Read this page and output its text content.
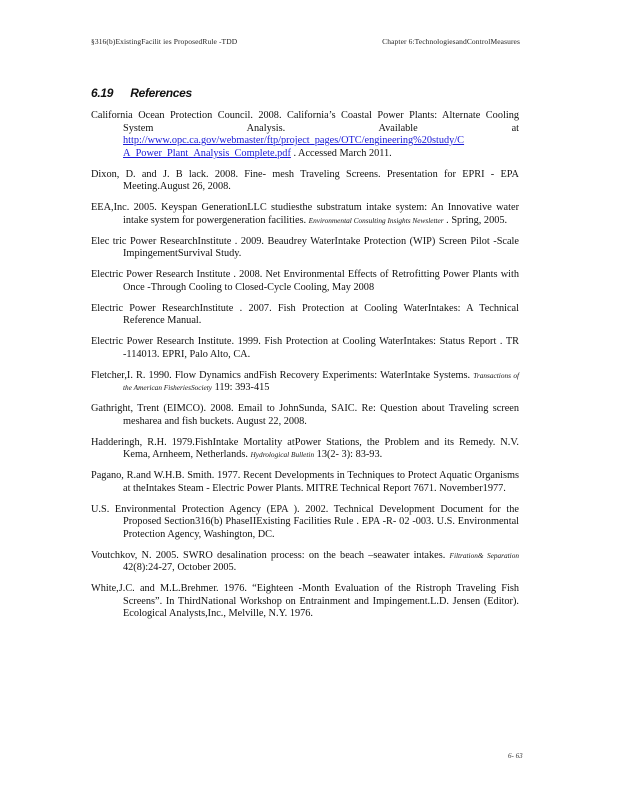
§316(b)ExistingFacilit ies ProposedRule -TDD	Chapter 6:TechnologiesandControlMeasures
6.19 References

California Ocean Protection Council. 2008. California’s Coastal Power Plants: Alternate Cooling System Analysis. Available at http://www.opc.ca.gov/webmaster/ftp/project_pages/OTC/engineering%20study/C A_Power_Plant_Analysis_Complete.pdf . Accessed March 2011.

Dixon, D. and J. B lack. 2008. Fine- mesh Traveling Screens. Presentation for EPRI - EPA Meeting.August 26, 2008.

EEA,Inc. 2005. Keyspan GenerationLLC studiesthe substratum intake system: An Innovative water intake system for powergeneration facilities. Environmental Consulting Insights Newsletter . Spring, 2005.

Elec tric Power ResearchInstitute . 2009. Beaudrey WaterIntake Protection (WIP) Screen Pilot -Scale ImpingementSurvival Study.

Electric Power Research Institute . 2008. Net Environmental Effects of Retrofitting Power Plants with Once -Through Cooling to Closed-Cycle Cooling, May 2008

Electric Power ResearchInstitute . 2007. Fish Protection at Cooling WaterIntakes: A Technical Reference Manual.

Electric Power Research Institute. 1999. Fish Protection at Cooling WaterIntakes: Status Report . TR -114013. EPRI, Palo Alto, CA.

Fletcher,I. R. 1990. Flow Dynamics andFish Recovery Experiments: WaterIntake Systems. Transactions of the American FisheriesSociety 119: 393-415

Gathright, Trent (EIMCO). 2008. Email to JohnSunda, SAIC. Re: Question about Traveling screen mesharea and fish buckets. August 22, 2008.

Hadderingh, R.H. 1979.FishIntake Mortality atPower Stations, the Problem and its Remedy. N.V. Kema, Arnheem, Netherlands. Hydrological Bulletin 13(2- 3): 83-93.

Pagano, R.and W.H.B. Smith. 1977. Recent Developments in Techniques to Protect Aquatic Organisms at theIntakes Steam - Electric Power Plants. MITRE Technical Report 7671. November1977.

U.S. Environmental Protection Agency (EPA ). 2002. Technical Development Document for the Proposed Section316(b) PhaseIIExisting Facilities Rule . EPA -R- 02 -003. U.S. Environmental Protection Agency, Washington, DC.

Voutchkov, N. 2005. SWRO desalination process: on the beach –seawater intakes. Filtration& Separation 42(8):24-27, October 2005.

White,J.C. and M.L.Brehmer. 1976. “Eighteen -Month Evaluation of the Ristroph Traveling Fish Screens”. In ThirdNational Workshop on Entrainment and Impingement.L.D. Jensen (Editor). Ecological Analysts,Inc., Melville, N.Y. 1976.

6- 63
